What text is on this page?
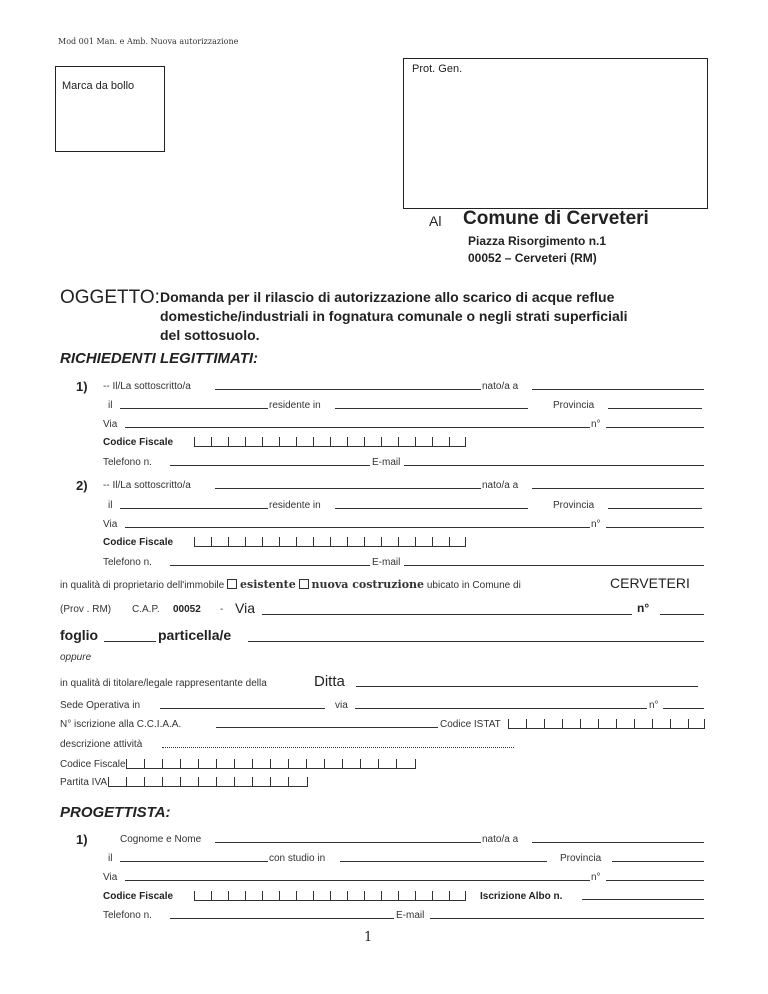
Mod 001 Man. e Amb. Nuova autorizzazione
Marca da bollo
Prot. Gen.
Al Comune di Cerveteri
Piazza Risorgimento n.1
00052 – Cerveteri (RM)
OGGETTO: Domanda per il rilascio di autorizzazione allo scarico di acque reflue
domestiche/industriali in fognatura comunale o negli strati superficiali
del sottosuolo.
RICHIEDENTI LEGITTIMATI:
1) -- Il/La sottoscritto/a	nato/a a
il	residente in	Provincia
Via	n°
Codice Fiscale
Telefono n.	E-mail
2) -- Il/La sottoscritto/a	nato/a a
il	residente in	Provincia
Via	n°
Codice Fiscale
Telefono n.	E-mail
in qualità di proprietario dell'immobile esistente nuova costruzione ubicato in Comune di	CERVETERI
(Prov . RM) C.A.P. 00052 - Via	n°
foglio	particella/e
oppure
in qualità di titolare/legale rappresentante della	Ditta
Sede Operativa in	via	n°
N° iscrizione alla C.C.I.A.A.	Codice ISTAT
descrizione attività
Codice Fiscale
Partita IVA
PROGETTISTA:
1)	Cognome e Nome	nato/a a
il	con studio in	Provincia
Via	n°
Codice Fiscale	Iscrizione Albo n.
Telefono n.	E-mail
1
